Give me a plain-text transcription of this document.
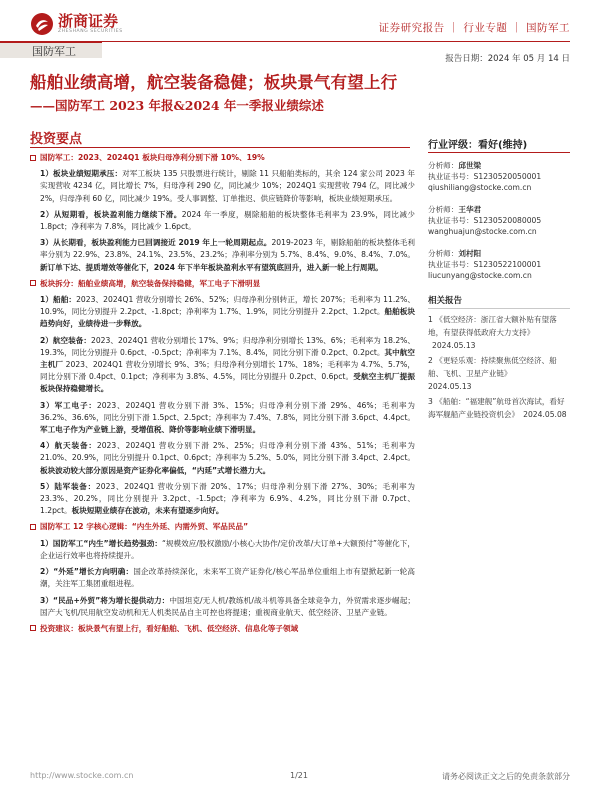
浙商证券
ZHESHANG SECURITIES	证券研究报告 ｜ 行业专题 ｜ 国防军工
国防军工
报告日期：2024 年 05 月 14 日
船舶业绩高增，航空装备稳健；板块景气有望上行
——国防军工 2023 年报&2024 年一季报业绩综述
投资要点
国防军工：2023、2024Q1 板块归母净利分别下滑 10%、19%

1）板块业绩短期承压：对军工板块 135 只股票进行统计，剔除 11 只船舶类标的，其余 124 家公司 2023 年实现营收 4234 亿，同比增长 7%，归母净利 290 亿，同比减少 10%；2024Q1 实现营收 794 亿，同比减少 2%，归母净利 60 亿，同比减少 19%。受人事调整、订单推迟、供应链降价等影响，板块业绩短期承压。

2）从短期看，板块盈利能力继续下滑。2024 年一季度，剔除船舶的板块整体毛利率为 23.9%，同比减少 1.8pct；净利率为 7.8%，同比减少 1.6pct。

3）从长期看，板块盈利能力已回调接近 2019 年上一轮周期起点。2019-2023 年，剔除船舶的板块整体毛利率分别为 22.9%、23.8%、24.1%、23.5%、23.2%；净利率分别为 5.7%、8.4%、9.0%、8.4%、7.0%。新订单下达、提质增效等催化下，2024 年下半年板块盈利水平有望筑底回升，进入新一轮上行周期。

板块拆分：船舶业绩高增，航空装备保持稳健，军工电子下滑明显

1）船舶：2023、2024Q1 营收分别增长 26%、52%；归母净利分别转正，增长 207%；毛利率为 11.2%、10.9%，同比分别提升 2.2pct、-1.8pct；净利率为 1.7%、1.9%，同比分别提升 2.2pct、1.2pct。船舶板块趋势向好，业绩待进一步释放。

2）航空装备：2023、2024Q1 营收分别增长 17%、9%；归母净利分别增长 13%、6%；毛利率为 18.2%、19.3%，同比分别提升 0.6pct、-0.5pct；净利率为 7.1%、8.4%，同比分别下滑 0.2pct、0.2pct。其中航空主机厂 2023、2024Q1 营收分别增长 9%、3%；归母净利分别增长 17%、18%；毛利率为 4.7%、5.7%，同比分别下滑 0.4pct、0.1pct；净利率为 3.8%、4.5%，同比分别提升 0.2pct、0.6pct。受航空主机厂提振板块保持稳健增长。

3）军工电子：2023、2024Q1 营收分别下滑 3%、15%；归母净利分别下滑 29%、46%；毛利率为 36.2%、36.6%，同比分别下滑 1.5pct、2.5pct；净利率为 7.4%、7.8%，同比分别下滑 3.6pct、4.4pct。军工电子作为产业链上游，受增值税、降价等影响业绩下滑明显。

4）航天装备：2023、2024Q1 营收分别下滑 2%、25%；归母净利分别下滑 43%、51%；毛利率为 21.0%、20.9%，同比分别提升 0.1pct、0.6pct；净利率为 5.2%、5.0%，同比分别下滑 3.4pct、2.4pct。板块波动较大部分原因是资产证券化率偏低，“内延”式增长潜力大。

5）陆军装备：2023、2024Q1 营收分别下滑 20%、17%；归母净利分别下滑 27%、30%；毛利率为 23.3%、20.2%，同比分别提升 3.2pct、-1.5pct；净利率为 6.9%、4.2%，同比分别下滑 0.7pct、1.2pct。板块短期业绩存在波动，未来有望逐步向好。

国防军工 12 字核心逻辑：“内生外延、内需外贸、军品民品”

1）国防军工“内生”增长趋势强劲：“规模效应/股权激励/小核心大协作/定价改革/大订单+大额预付”等催化下，企业运行效率也将持续提升。

2）“外延”增长方向明确：国企改革持续深化，未来军工资产证券化/核心军品单位重组上市有望掀起新一轮高潮，关注军工集团重组进程。

3）“民品+外贸”将为增长提供动力：中国坦克/无人机/教练机/战斗机等具备全球竞争力，外贸需求逐步崛起；国产大飞机/民用航空发动机和无人机类民品自主可控也将提速；重视商业航天、低空经济、卫星产业链。

投资建议：板块景气有望上行，看好船舶、飞机、低空经济、信息化等子领域
行业评级：看好(维持)
分析师：邱世梁
执业证书号：S1230520050001
qiushiliang@stocke.com.cn
分析师：王华君
执业证书号：S1230520080005
wanghuajun@stocke.com.cn
分析师：刘村阳
执业证书号：S1230522100001
liucunyang@stocke.com.cn
相关报告
1 《低空经济：浙江省大额补贴有望落地，有望获得低政府大力支持》2024.05.13
2 《更轻乐观：持续聚焦低空经济、船舶、飞机、卫星产业链》
2024.05.13
3 《船舶：“福建舰”航母首次海试，看好海军舰船产业链投资机会》 2024.05.08
http://www.stocke.com.cn	1/21	请务必阅读正文之后的免责条款部分
